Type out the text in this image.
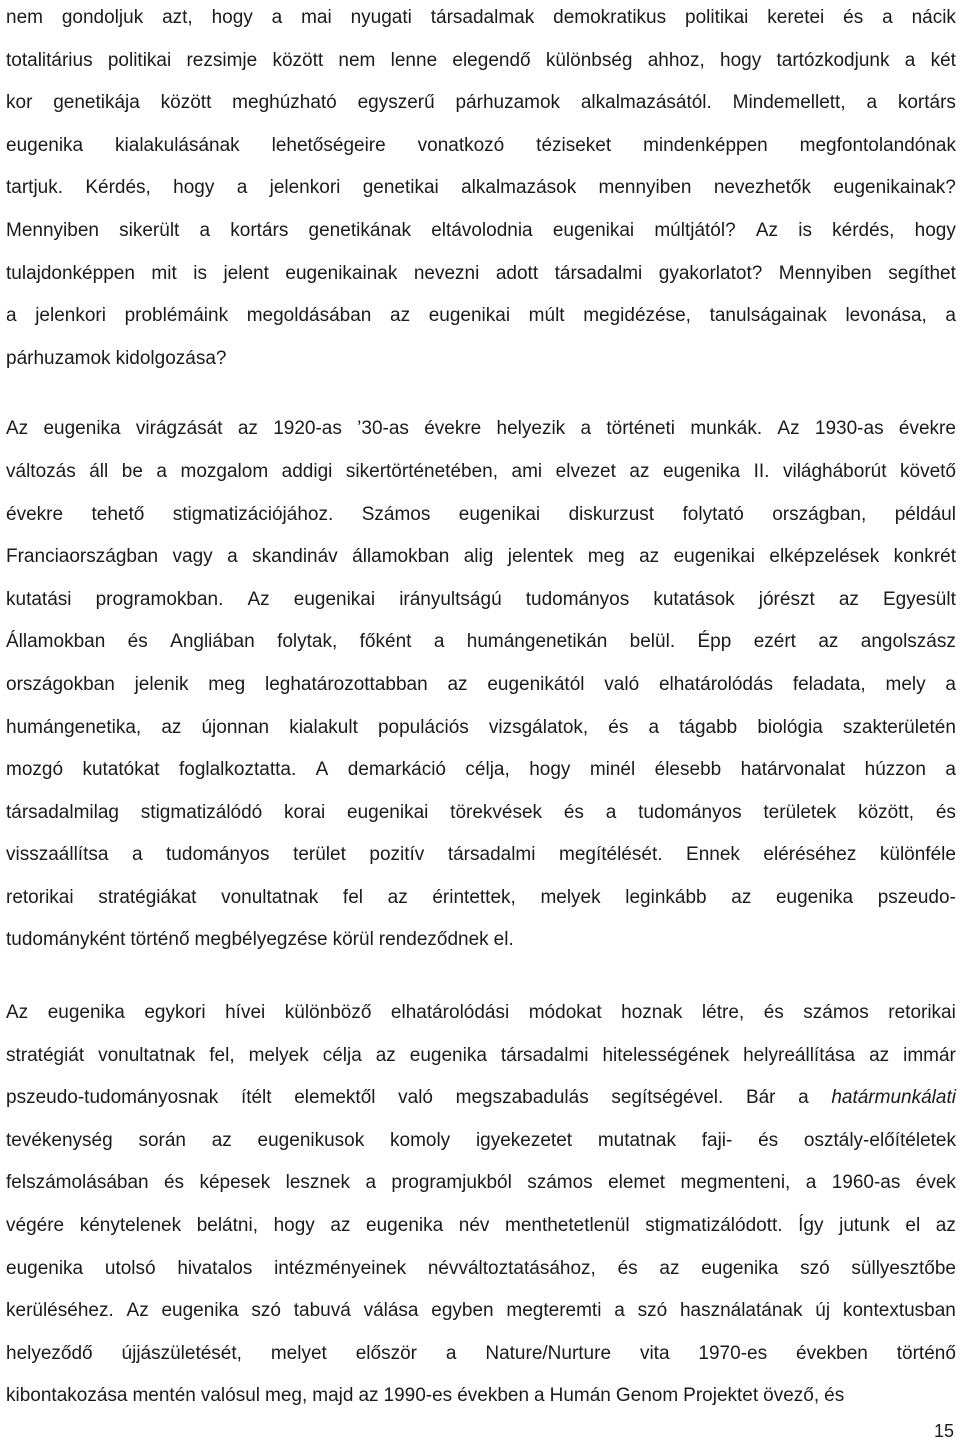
nem gondoljuk azt, hogy a mai nyugati társadalmak demokratikus politikai keretei és a nácik
totalitárius politikai rezsimje között nem lenne elegendő különbség ahhoz, hogy tartózkodjunk a két
kor genetikája között meghúzható egyszerű párhuzamok alkalmazásától. Mindemellett, a kortárs
eugenika kialakulásának lehetőségeire vonatkozó téziseket mindenképpen megfontolandónak
tartjuk. Kérdés, hogy a jelenkori genetikai alkalmazások mennyiben nevezhetők eugenikainak?
Mennyiben sikerült a kortárs genetikának eltávolodnia eugenikai múltjától? Az is kérdés, hogy
tulajdonképpen mit is jelent eugenikainak nevezni adott társadalmi gyakorlatot? Mennyiben segíthet
a jelenkori problémáink megoldásában az eugenikai múlt megidézése, tanulságainak levonása, a
párhuzamok kidolgozása?
Az eugenika virágzását az 1920-as ’30-as évekre helyezik a történeti munkák. Az 1930-as évekre
változás áll be a mozgalom addigi sikertörténetében, ami elvezet az eugenika II. világháborút követő
évekre tehető stigmatizációjához. Számos eugenikai diskurzust folytató országban, például
Franciaországban vagy a skandináv államokban alig jelentek meg az eugenikai elképzelések konkrét
kutatási programokban. Az eugenikai irányultságú tudományos kutatások jórészt az Egyesült
Államokban és Angliában folytak, főként a humángenetikán belül. Épp ezért az angolszász
országokban jelenik meg leghatározottabban az eugenikától való elhatárolódás feladata, mely a
humángenetika, az újonnan kialakult populációs vizsgálatok, és a tágabb biológia szakterületén
mozgó kutatókat foglalkoztatta. A demarkáció célja, hogy minél élesebb határvonalat húzzon a
társadalmilag stigmatizálódó korai eugenikai törekvések és a tudományos területek között, és
visszaállítsa a tudományos terület pozitív társadalmi megítélését. Ennek eléréséhez különféle
retorikai stratégiákat vonultatnak fel az érintettek, melyek leginkább az eugenika pszeudo-
tudományként történő megbélyegzése körül rendeződnek el.
Az eugenika egykori hívei különböző elhatárolódási módokat hoznak létre, és számos retorikai
stratégiát vonultatnak fel, melyek célja az eugenika társadalmi hitelességének helyreállítása az immár
pszeudo-tudományosnak ítélt elemektől való megszabadulás segítségével. Bár a határmunkálati
tevékenység során az eugenikusok komoly igyekezetet mutatnak faji- és osztály-előítéletek
felszámolásában és képesek lesznek a programjukból számos elemet megmenteni, a 1960-as évek
végére kénytelenek belátni, hogy az eugenika név menthetetlenül stigmatizálódott. Így jutunk el az
eugenika utolsó hivatalos intézményeinek névváltoztatásához, és az eugenika szó süllyesztőbe
kerüléséhez. Az eugenika szó tabuvá válása egyben megteremti a szó használatának új kontextusban
helyeződő újjászületését, melyet először a Nature/Nurture vita 1970-es években történő
kibontakozása mentén valósul meg, majd az 1990-es években a Humán Genom Projektet övező, és
15
